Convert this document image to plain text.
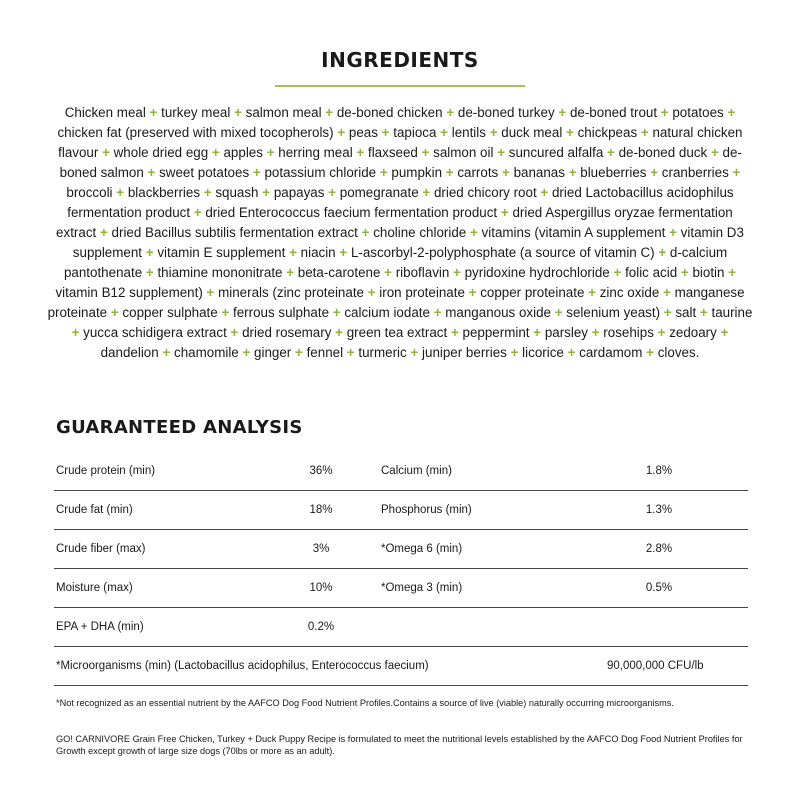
INGREDIENTS
Chicken meal + turkey meal + salmon meal + de-boned chicken + de-boned turkey + de-boned trout + potatoes + chicken fat (preserved with mixed tocopherols) + peas + tapioca + lentils + duck meal + chickpeas + natural chicken flavour + whole dried egg + apples + herring meal + flaxseed + salmon oil + suncured alfalfa + de-boned duck + de-boned salmon + sweet potatoes + potassium chloride + pumpkin + carrots + bananas + blueberries + cranberries + broccoli + blackberries + squash + papayas + pomegranate + dried chicory root + dried Lactobacillus acidophilus fermentation product + dried Enterococcus faecium fermentation product + dried Aspergillus oryzae fermentation extract + dried Bacillus subtilis fermentation extract + choline chloride + vitamins (vitamin A supplement + vitamin D3 supplement + vitamin E supplement + niacin + L-ascorbyl-2-polyphosphate (a source of vitamin C) + d-calcium pantothenate + thiamine mononitrate + beta-carotene + riboflavin + pyridoxine hydrochloride + folic acid + biotin + vitamin B12 supplement) + minerals (zinc proteinate + iron proteinate + copper proteinate + zinc oxide + manganese proteinate + copper sulphate + ferrous sulphate + calcium iodate + manganous oxide + selenium yeast) + salt + taurine + yucca schidigera extract + dried rosemary + green tea extract + peppermint + parsley + rosehips + zedoary + dandelion + chamomile + ginger + fennel + turmeric + juniper berries + licorice + cardamom + cloves.
GUARANTEED ANALYSIS
Crude protein (min)	36%	Calcium (min)	1.8%
Crude fat (min)	18%	Phosphorus (min)	1.3%
Crude fiber (max)	3%	*Omega 6 (min)	2.8%
Moisture (max)	10%	*Omega 3 (min)	0.5%
EPA + DHA (min)	0.2%
*Microorganisms (min) (Lactobacillus acidophilus, Enterococcus faecium)	90,000,000 CFU/lb
*Not recognized as an essential nutrient by the AAFCO Dog Food Nutrient Profiles.Contains a source of live (viable) naturally occurring microorganisms.
GO! CARNIVORE Grain Free Chicken, Turkey + Duck Puppy Recipe is formulated to meet the nutritional levels established by the AAFCO Dog Food Nutrient Profiles for Growth except growth of large size dogs (70lbs or more as an adult).
